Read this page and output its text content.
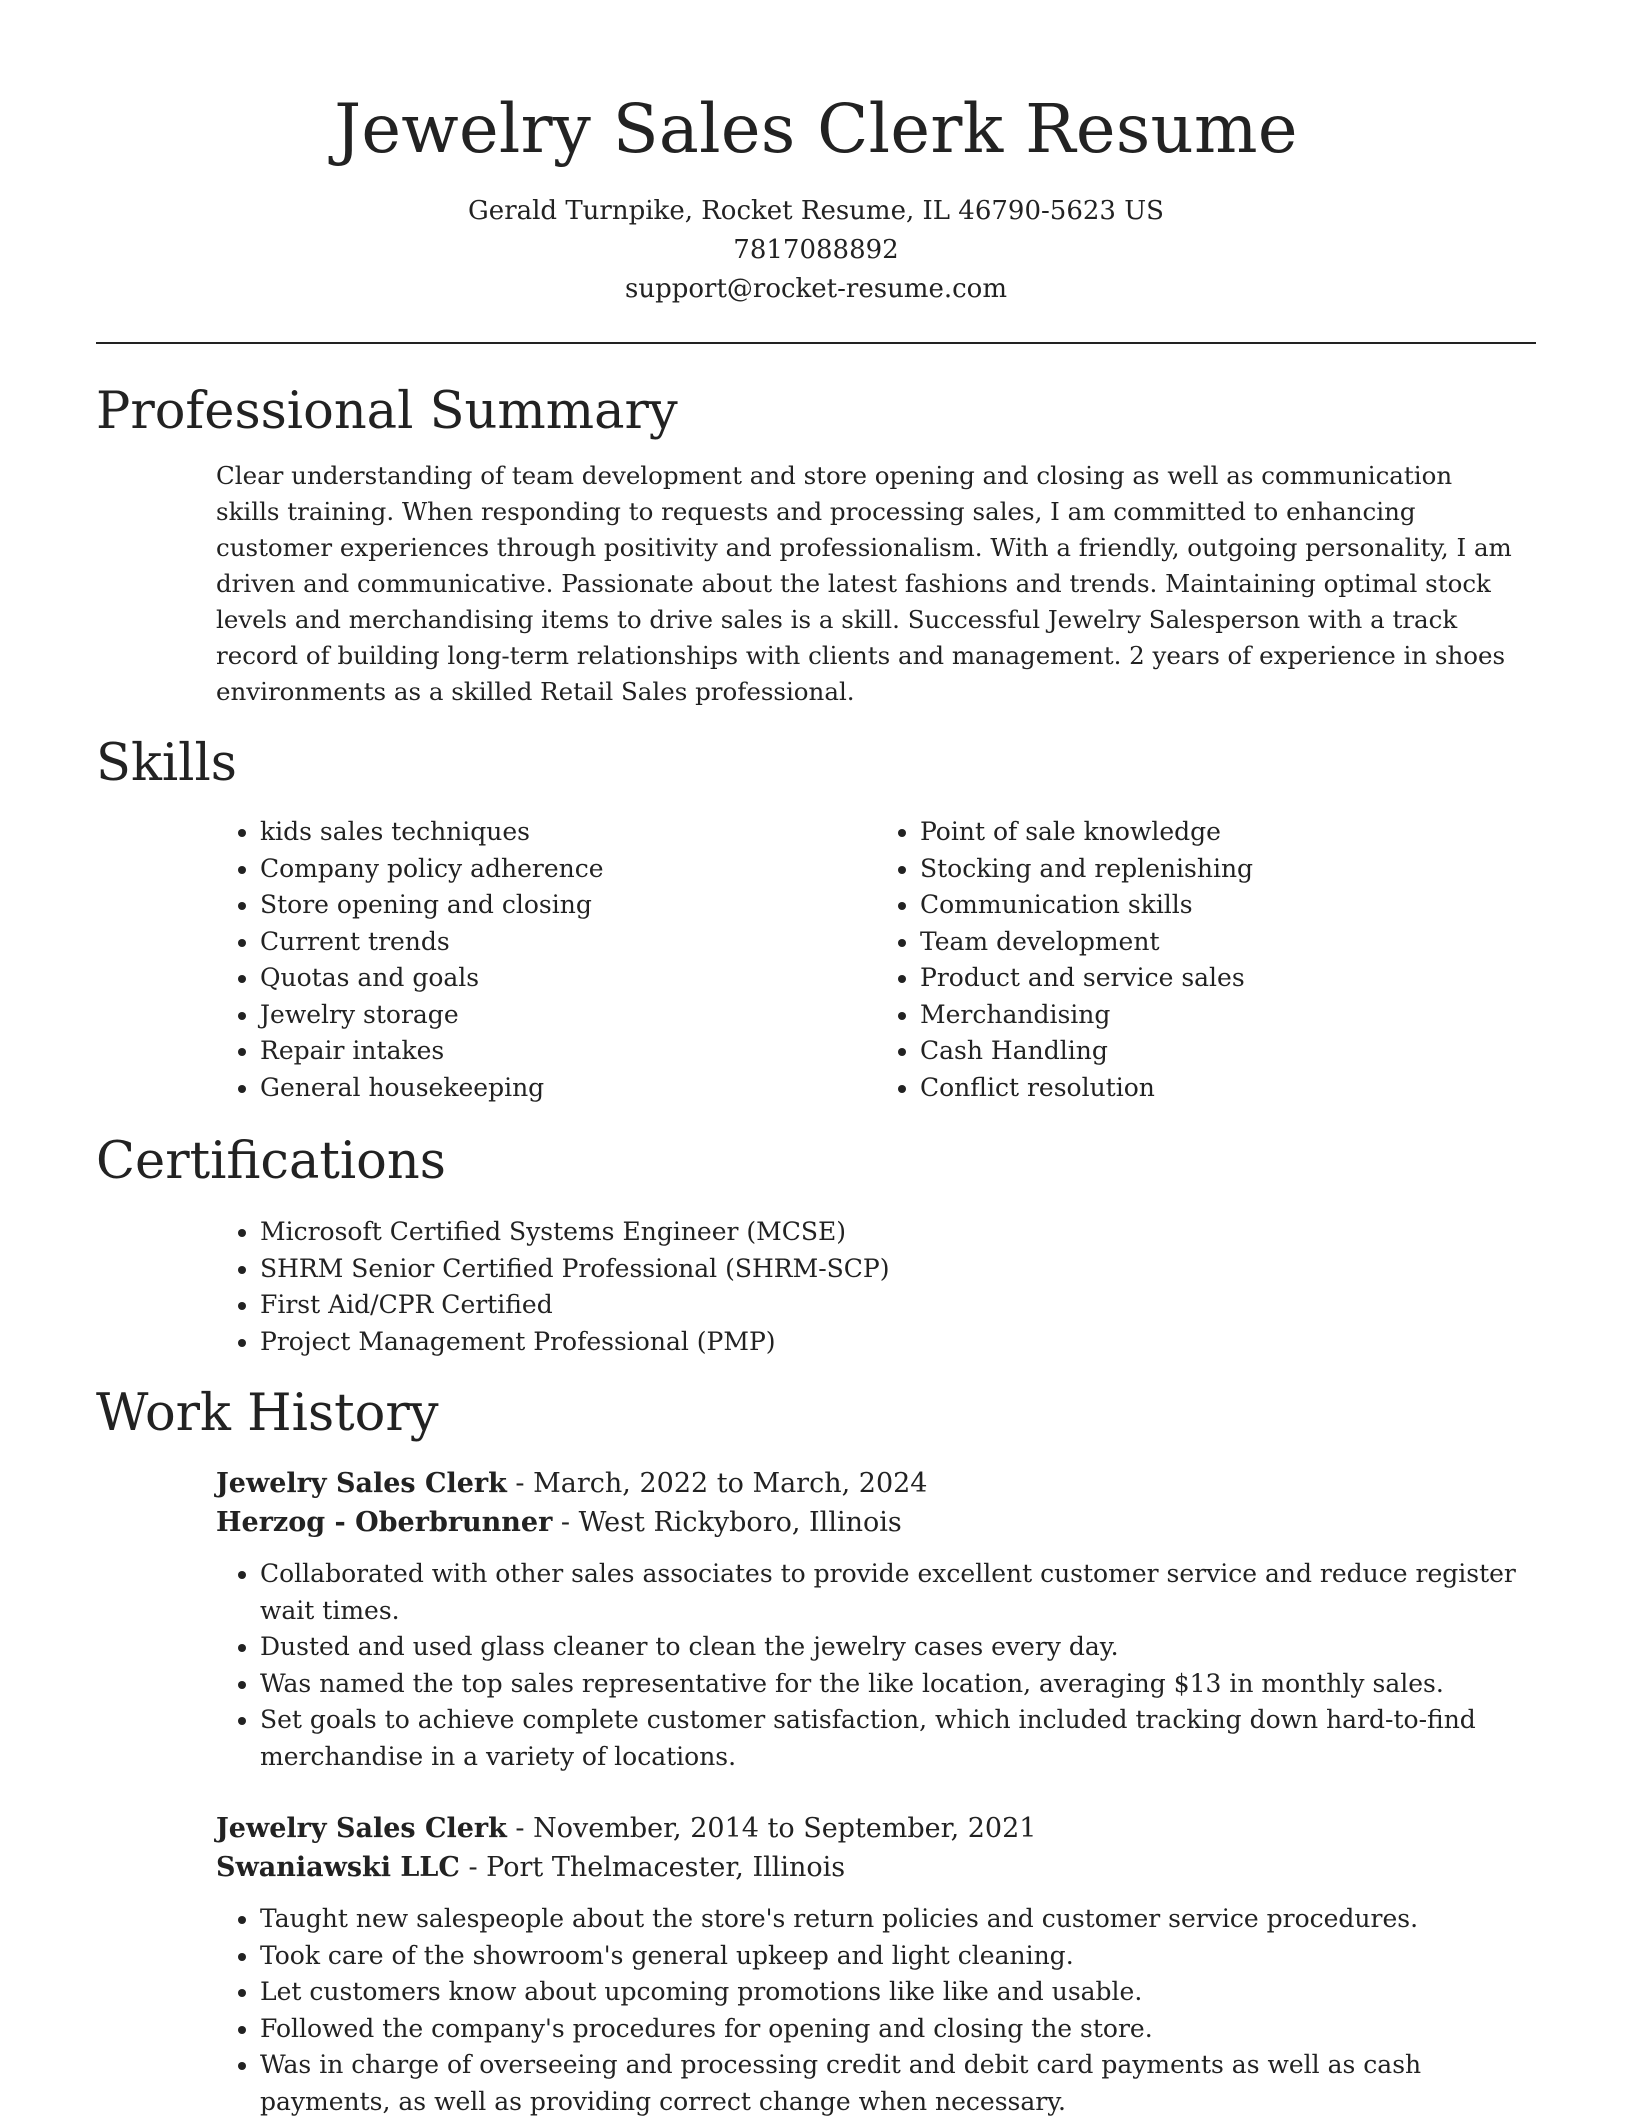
Jewelry Sales Clerk Resume
Gerald Turnpike, Rocket Resume, IL 46790-5623 US
7817088892
support@rocket-resume.com
Professional Summary

Clear understanding of team development and store opening and closing as well as communication skills training. When responding to requests and processing sales, I am committed to enhancing customer experiences through positivity and professionalism. With a friendly, outgoing personality, I am driven and communicative. Passionate about the latest fashions and trends. Maintaining optimal stock levels and merchandising items to drive sales is a skill. Successful Jewelry Salesperson with a track record of building long-term relationships with clients and management. 2 years of experience in shoes environments as a skilled Retail Sales professional.

Skills
• kids sales techniques
• Company policy adherence
• Store opening and closing
• Current trends
• Quotas and goals
• Jewelry storage
• Repair intakes
• General housekeeping
• Point of sale knowledge
• Stocking and replenishing
• Communication skills
• Team development
• Product and service sales
• Merchandising
• Cash Handling
• Conflict resolution
Certifications
• Microsoft Certified Systems Engineer (MCSE)
• SHRM Senior Certified Professional (SHRM-SCP)
• First Aid/CPR Certified
• Project Management Professional (PMP)
Work History
Jewelry Sales Clerk - March, 2022 to March, 2024
Herzog - Oberbrunner - West Rickyboro, Illinois
• Collaborated with other sales associates to provide excellent customer service and reduce register wait times.
• Dusted and used glass cleaner to clean the jewelry cases every day.
• Was named the top sales representative for the like location, averaging $13 in monthly sales.
• Set goals to achieve complete customer satisfaction, which included tracking down hard-to-find merchandise in a variety of locations.
Jewelry Sales Clerk - November, 2014 to September, 2021
Swaniawski LLC - Port Thelmacester, Illinois
• Taught new salespeople about the store's return policies and customer service procedures.
• Took care of the showroom's general upkeep and light cleaning.
• Let customers know about upcoming promotions like like and usable.
• Followed the company's procedures for opening and closing the store.
• Was in charge of overseeing and processing credit and debit card payments as well as cash payments, as well as providing correct change when necessary.
